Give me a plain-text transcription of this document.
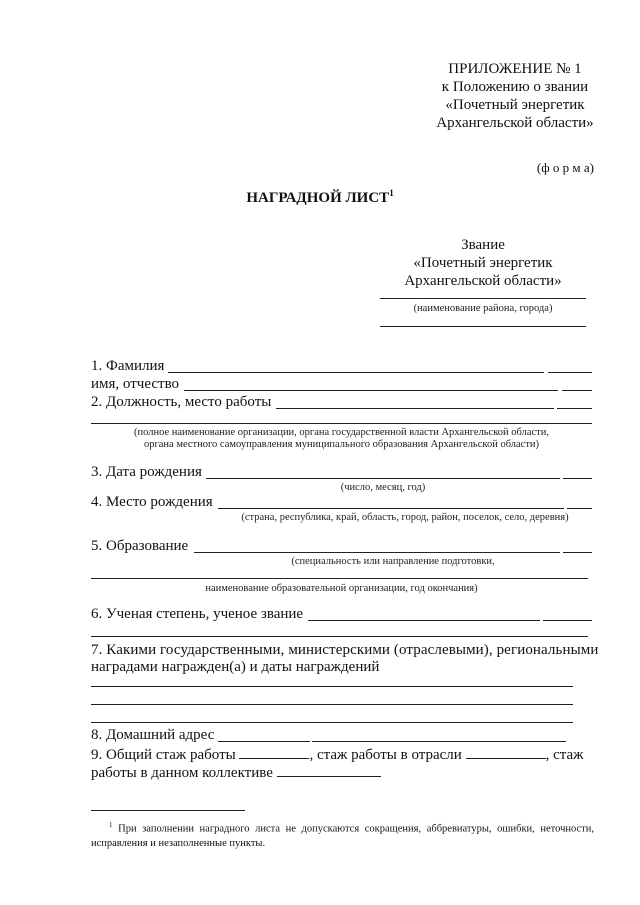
ПРИЛОЖЕНИЕ № 1
к Положению о звании
«Почетный энергетик
Архангельской области»
(ф о р м а)
НАГРАДНОЙ ЛИСТ$^1$
Звание
«Почетный энергетик
Архангельской области»
(наименование района, города)
1. Фамилия
имя, отчество
2. Должность, место работы
(полное наименование организации, органа государственной власти Архангельской области,
органа местного самоуправления муниципального образования Архангельской области)
3. Дата рождения
(число, месяц, год)
4. Место рождения
(страна, республика, край, область, город, район, поселок, село, деревня)
5. Образование
(специальность или направление подготовки,
наименование образовательной организации, год окончания)
6. Ученая степень, ученое звание
7. Какими государственными, министерскими (отраслевыми), региональными
наградами награжден(а) и даты награждений
8. Домашний адрес
9. Общий стаж работы	, стаж работы в отрасли	, стаж
работы в данном коллективе
$^1$ При заполнении наградного листа не допускаются сокращения, аббревиатуры, ошибки, неточности, исправления и незаполненные пункты.
